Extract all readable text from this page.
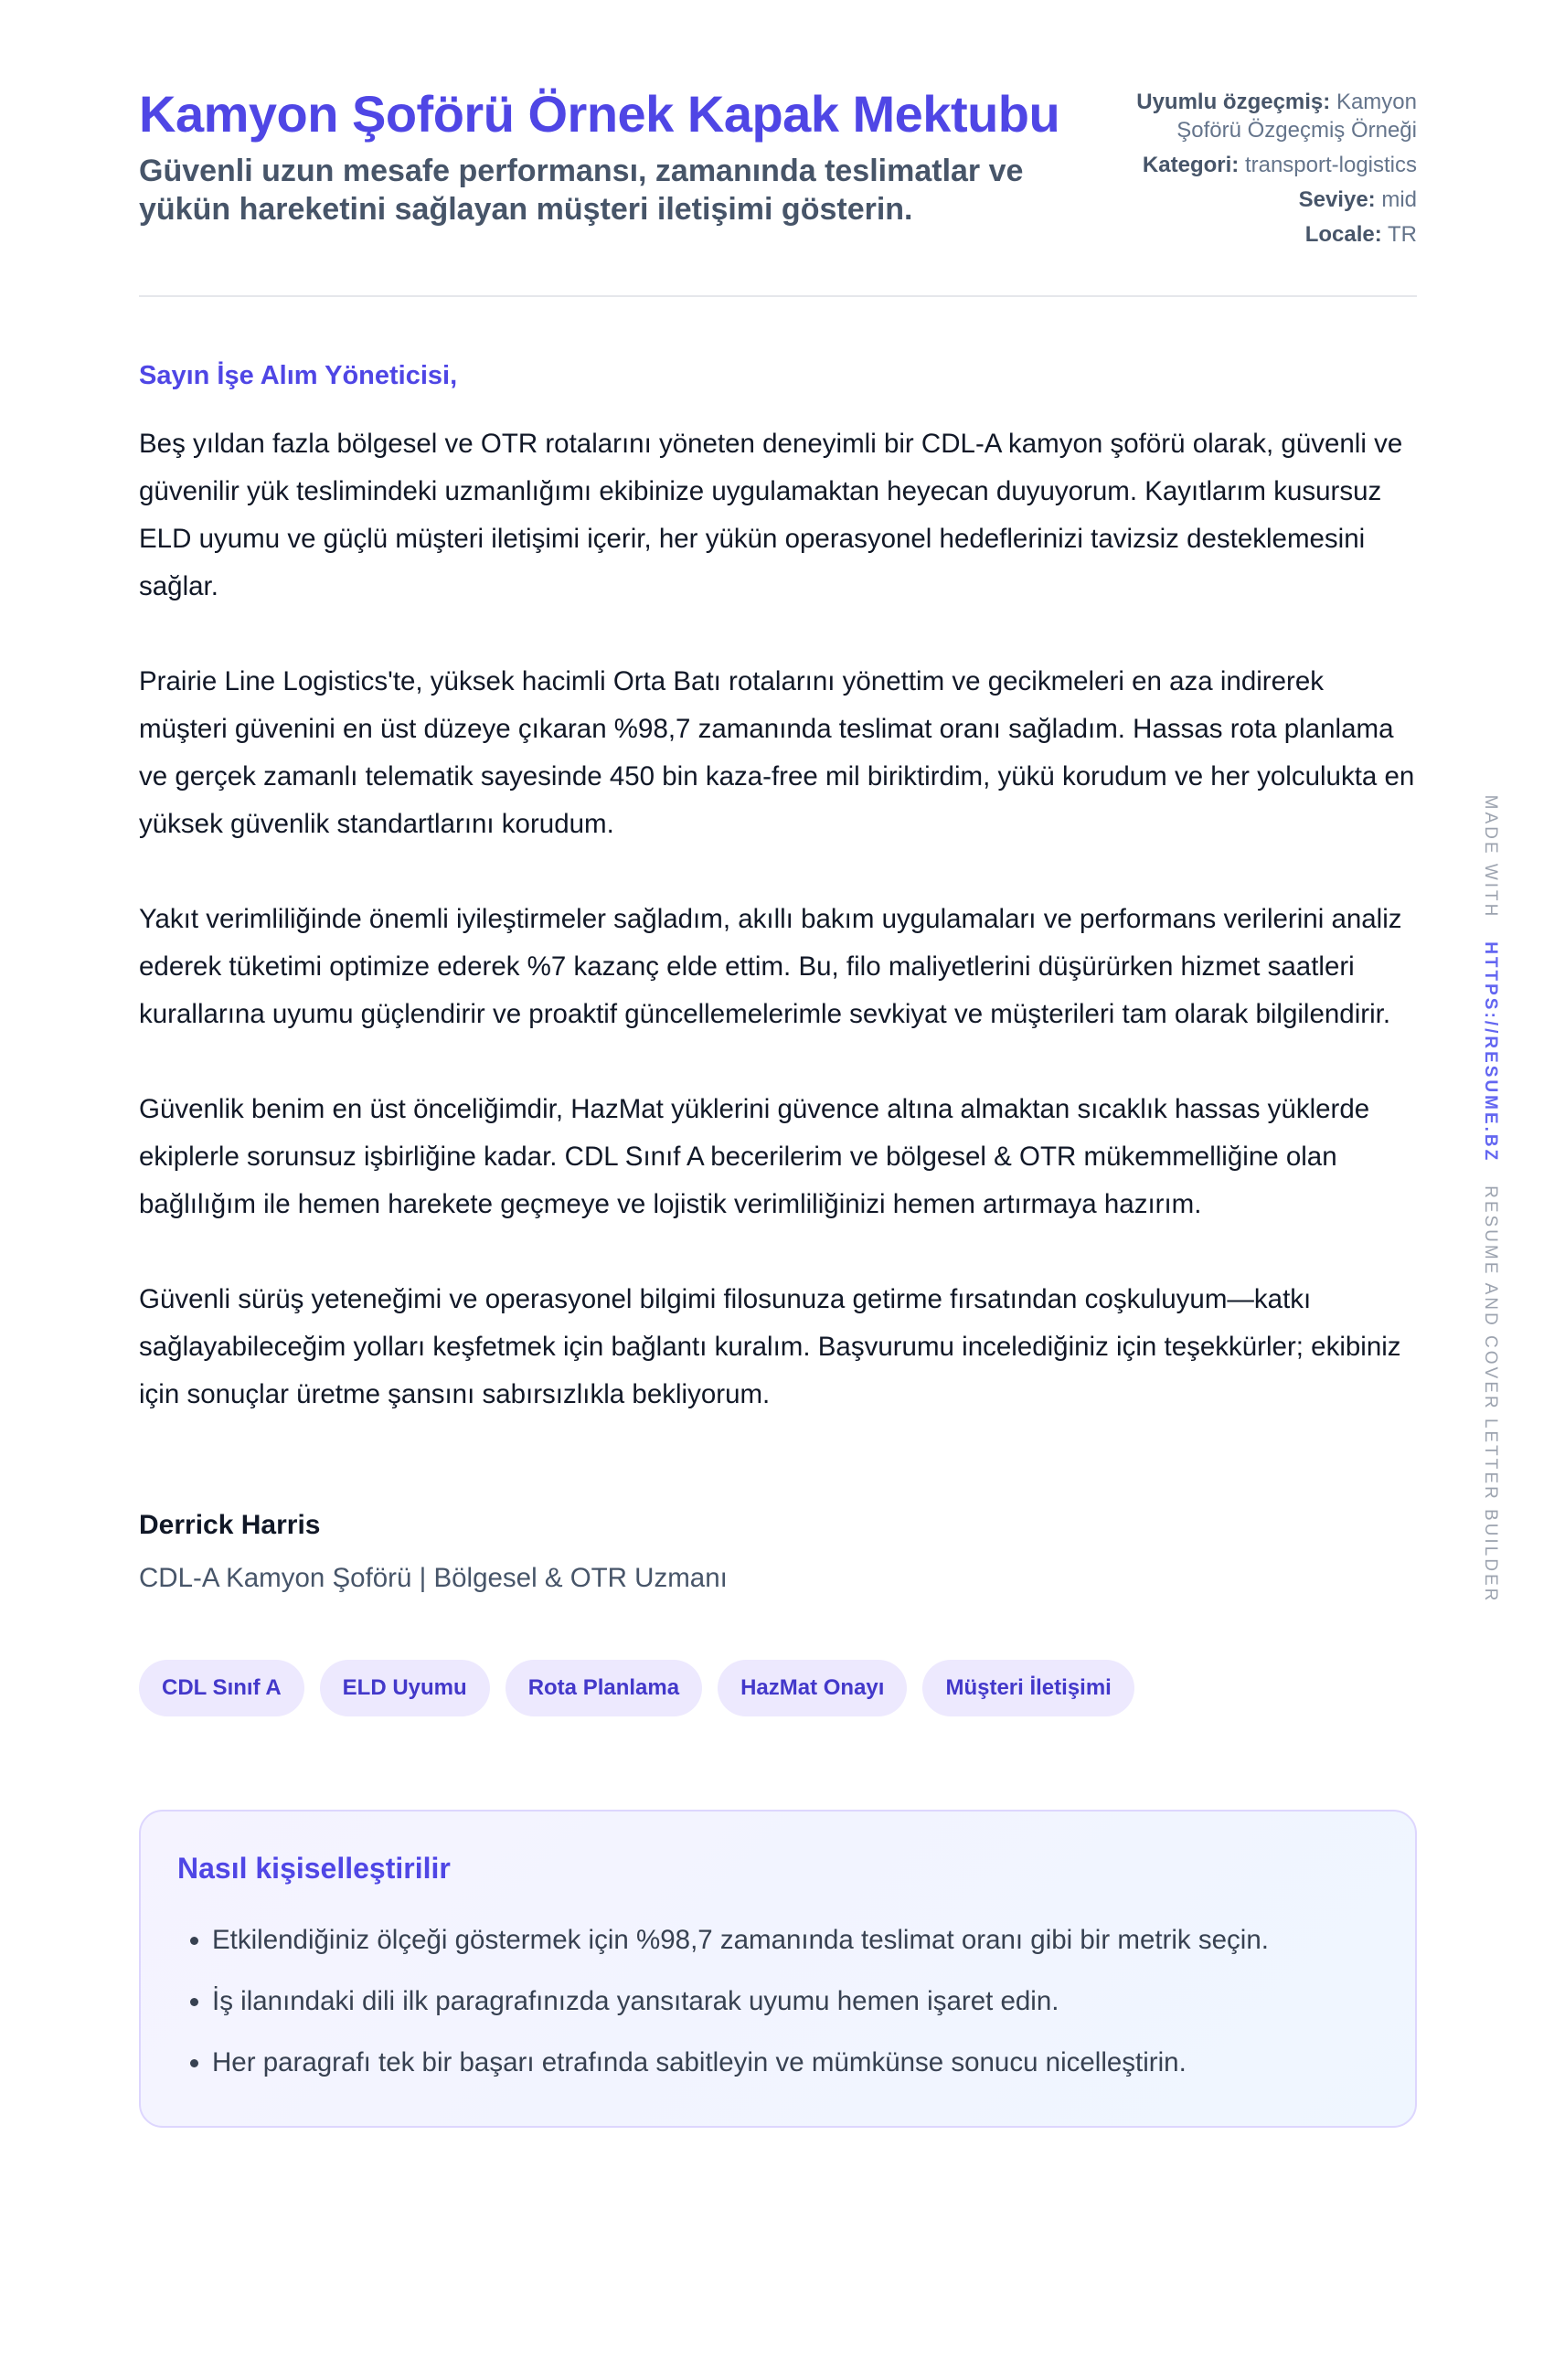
Kamyon Şoförü Örnek Kapak Mektubu

Güvenli uzun mesafe performansı, zamanında teslimatlar ve yükün hareketini sağlayan müşteri iletişimi gösterin.

Uyumlu özgeçmiş: Kamyon Şoförü Özgeçmiş Örneği
Kategori: transport-logistics
Seviye: mid
Locale: TR
Sayın İşe Alım Yöneticisi,

Beş yıldan fazla bölgesel ve OTR rotalarını yöneten deneyimli bir CDL-A kamyon şoförü olarak, güvenli ve güvenilir yük teslimindeki uzmanlığımı ekibinize uygulamaktan heyecan duyuyorum. Kayıtlarım kusursuz ELD uyumu ve güçlü müşteri iletişimi içerir, her yükün operasyonel hedeflerinizi tavizsiz desteklemesini sağlar.

Prairie Line Logistics'te, yüksek hacimli Orta Batı rotalarını yönettim ve gecikmeleri en aza indirerek müşteri güvenini en üst düzeye çıkaran %98,7 zamanında teslimat oranı sağladım. Hassas rota planlama ve gerçek zamanlı telematik sayesinde 450 bin kaza-free mil biriktirdim, yükü korudum ve her yolculukta en yüksek güvenlik standartlarını korudum.

Yakıt verimliliğinde önemli iyileştirmeler sağladım, akıllı bakım uygulamaları ve performans verilerini analiz ederek tüketimi optimize ederek %7 kazanç elde ettim. Bu, filo maliyetlerini düşürürken hizmet saatleri kurallarına uyumu güçlendirir ve proaktif güncellemelerimle sevkiyat ve müşterileri tam olarak bilgilendirir.

Güvenlik benim en üst önceliğimdir, HazMat yüklerini güvence altına almaktan sıcaklık hassas yüklerde ekiplerle sorunsuz işbirliğine kadar. CDL Sınıf A becerilerim ve bölgesel & OTR mükemmelliğine olan bağlılığım ile hemen harekete geçmeye ve lojistik verimliliğinizi hemen artırmaya hazırım.

Güvenli sürüş yeteneğimi ve operasyonel bilgimi filosunuza getirme fırsatından coşkuluyum—katkı sağlayabileceğim yolları keşfetmek için bağlantı kuralım. Başvurumu incelediğiniz için teşekkürler; ekibiniz için sonuçlar üretme şansını sabırsızlıkla bekliyorum.

Derrick Harris
CDL-A Kamyon Şoförü | Bölgesel & OTR Uzmanı
CDL Sınıf A	ELD Uyumu	Rota Planlama	HazMat Onayı	Müşteri İletişimi
Nasıl kişiselleştirilir
• Etkilendiğiniz ölçeği göstermek için %98,7 zamanında teslimat oranı gibi bir metrik seçin.
• İş ilanındaki dili ilk paragrafınızda yansıtarak uyumu hemen işaret edin.
• Her paragrafı tek bir başarı etrafında sabitleyin ve mümkünse sonucu nicelleştirin.
MADE WITH   HTTPS://RESUME.BZ   RESUME AND COVER LETTER BUILDER
